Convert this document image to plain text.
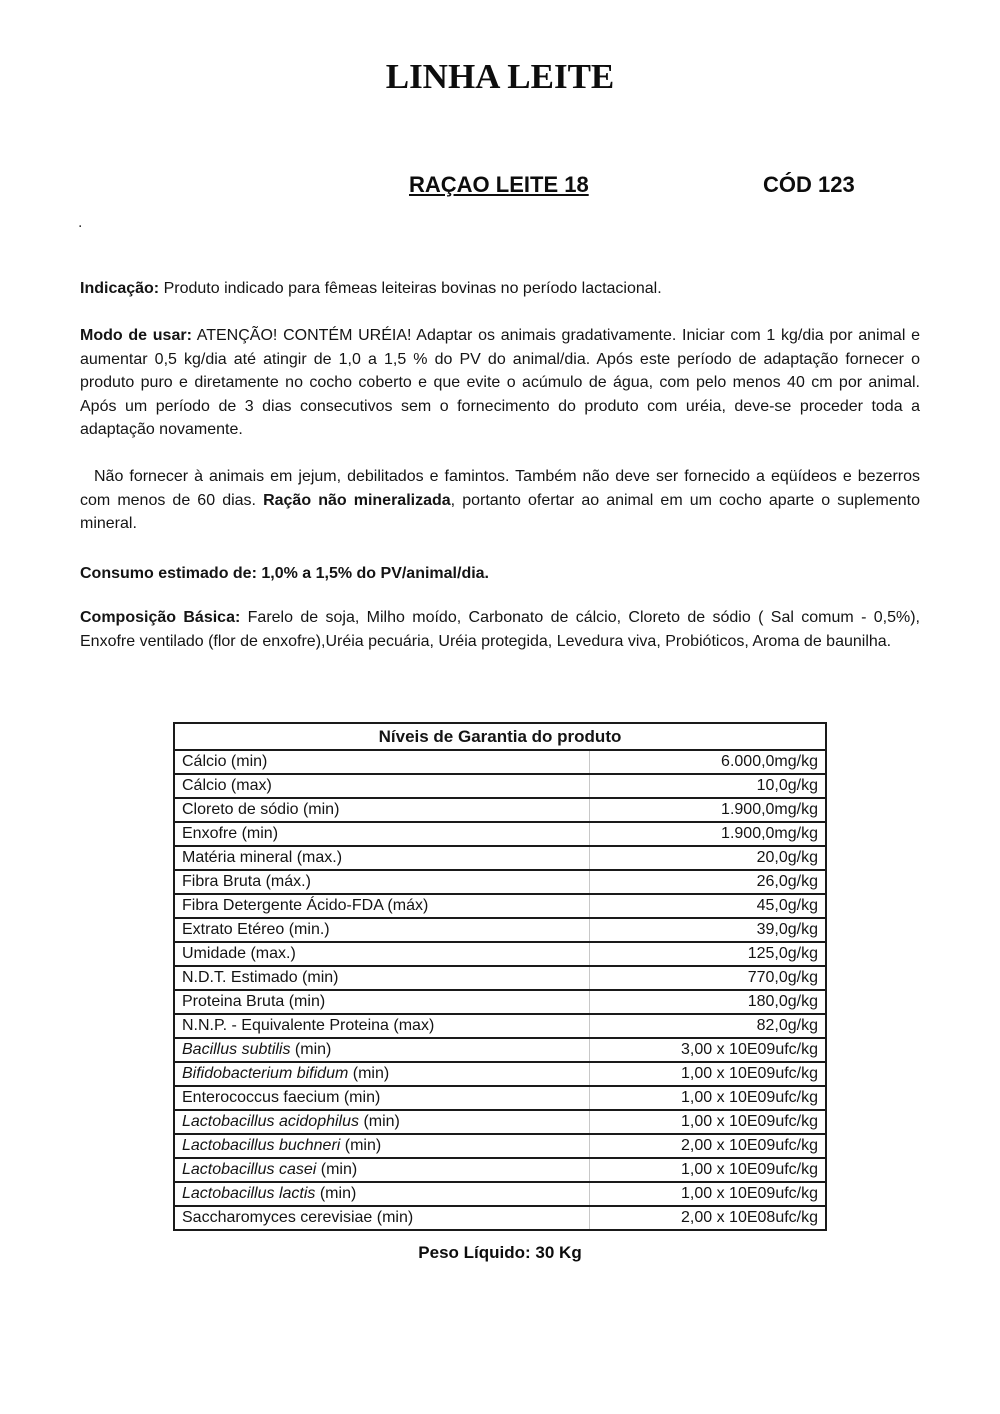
LINHA LEITE
RAÇAO LEITE 18	CÓD 123
.

Indicação: Produto indicado para fêmeas leiteiras bovinas no período lactacional.

Modo de usar: ATENÇÃO! CONTÉM URÉIA! Adaptar os animais gradativamente. Iniciar com 1 kg/dia por animal e aumentar 0,5 kg/dia até atingir de 1,0 a 1,5 % do PV do animal/dia. Após este período de adaptação fornecer o produto puro e diretamente no cocho coberto e que evite o acúmulo de água, com pelo menos 40 cm por animal. Após um período de 3 dias consecutivos sem o fornecimento do produto com uréia, deve-se proceder toda a adaptação novamente.

Não fornecer à animais em jejum, debilitados e famintos. Também não deve ser fornecido a eqüídeos e bezerros com menos de 60 dias. Ração não mineralizada, portanto ofertar ao animal em um cocho aparte o suplemento mineral.

Consumo estimado de: 1,0% a 1,5% do PV/animal/dia.

Composição Básica: Farelo de soja, Milho moído, Carbonato de cálcio, Cloreto de sódio ( Sal comum - 0,5%), Enxofre ventilado (flor de enxofre),Uréia pecuária, Uréia protegida, Levedura viva, Probióticos, Aroma de baunilha.

Níveis de Garantia do produto	
Cálcio (min)	6.000,0mg/kg
Cálcio (max)	10,0g/kg
Cloreto de sódio (min)	1.900,0mg/kg
Enxofre (min)	1.900,0mg/kg
Matéria mineral (max.)	20,0g/kg
Fibra Bruta (máx.)	26,0g/kg
Fibra Detergente Ácido-FDA (máx)	45,0g/kg
Extrato Etéreo (min.)	39,0g/kg
Umidade (max.)	125,0g/kg
N.D.T. Estimado (min)	770,0g/kg
Proteina Bruta (min)	180,0g/kg
N.N.P. - Equivalente Proteina (max)	82,0g/kg
Bacillus subtilis (min)	3,00 x 10E09ufc/kg
Bifidobacterium bifidum (min)	1,00 x 10E09ufc/kg
Enterococcus faecium (min)	1,00 x 10E09ufc/kg
Lactobacillus acidophilus (min)	1,00 x 10E09ufc/kg
Lactobacillus buchneri (min)	2,00 x 10E09ufc/kg
Lactobacillus casei (min)	1,00 x 10E09ufc/kg
Lactobacillus lactis (min)	1,00 x 10E09ufc/kg
Saccharomyces cerevisiae (min)	2,00 x 10E08ufc/kg

Peso Líquido: 30 Kg
